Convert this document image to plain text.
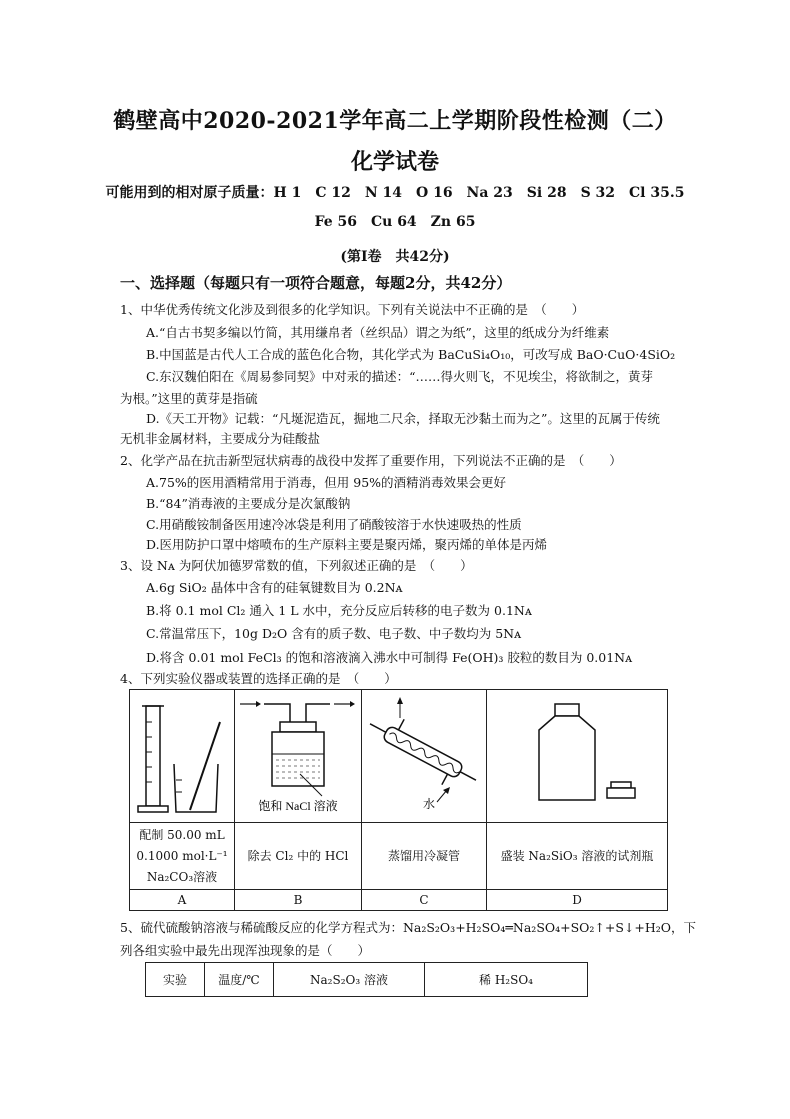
鹤壁高中2020-2021学年高二上学期阶段性检测（二）
化学试卷
可能用到的相对原子质量：H 1　C 12　N 14　O 16　Na 23　Si 28　S 32　Cl 35.5
Fe 56　Cu 64　Zn 65
(第Ⅰ卷　共42分)
一、选择题（每题只有一项符合题意，每题2分，共42分）
1、中华优秀传统文化涉及到很多的化学知识。下列有关说法中不正确的是　（　　）
A.“自古书契多编以竹简，其用缣帛者（丝织品）谓之为纸”，这里的纸成分为纤维素
B.中国蓝是古代人工合成的蓝色化合物，其化学式为 BaCuSi₄O₁₀，可改写成 BaO·CuO·4SiO₂
C.东汉魏伯阳在《周易参同契》中对汞的描述：“……得火则飞，不见埃尘，将欲制之，黄芽
为根。”这里的黄芽是指硫
D.《天工开物》记载：“凡埏泥造瓦，掘地二尺余，择取无沙黏土而为之”。这里的瓦属于传统
无机非金属材料，主要成分为硅酸盐
2、化学产品在抗击新型冠状病毒的战役中发挥了重要作用，下列说法不正确的是　（　　）
A.75%的医用酒精常用于消毒，但用 95%的酒精消毒效果会更好
B.“84”消毒液的主要成分是次氯酸钠
C.用硝酸铵制备医用速冷冰袋是利用了硝酸铵溶于水快速吸热的性质
D.医用防护口罩中熔喷布的生产原料主要是聚丙烯，聚丙烯的单体是丙烯
3、设 Nᴀ 为阿伏加德罗常数的值，下列叙述正确的是　（　　）
A.6g SiO₂ 晶体中含有的硅氧键数目为 0.2Nᴀ
B.将 0.1 mol Cl₂ 通入 1 L 水中，充分反应后转移的电子数为 0.1Nᴀ
C.常温常压下，10g D₂O 含有的质子数、电子数、中子数均为 5Nᴀ
D.将含 0.01 mol FeCl₃ 的饱和溶液滴入沸水中可制得 Fe(OH)₃ 胶粒的数目为 0.01Nᴀ
4、下列实验仪器或装置的选择正确的是　（　　）

饱和 NaCl 溶液	水

配制 50.00 mL
0.1000 mol·L⁻¹
Na₂CO₃溶液	除去 Cl₂ 中的 HCl	蒸馏用冷凝管	盛装 Na₂SiO₃ 溶液的试剂瓶
A	B	C	D
5、硫代硫酸钠溶液与稀硫酸反应的化学方程式为：Na₂S₂O₃+H₂SO₄═Na₂SO₄+SO₂↑+S↓+H₂O，下
列各组实验中最先出现浑浊现象的是（　　）
实验	温度/℃	Na₂S₂O₃ 溶液	稀 H₂SO₄
